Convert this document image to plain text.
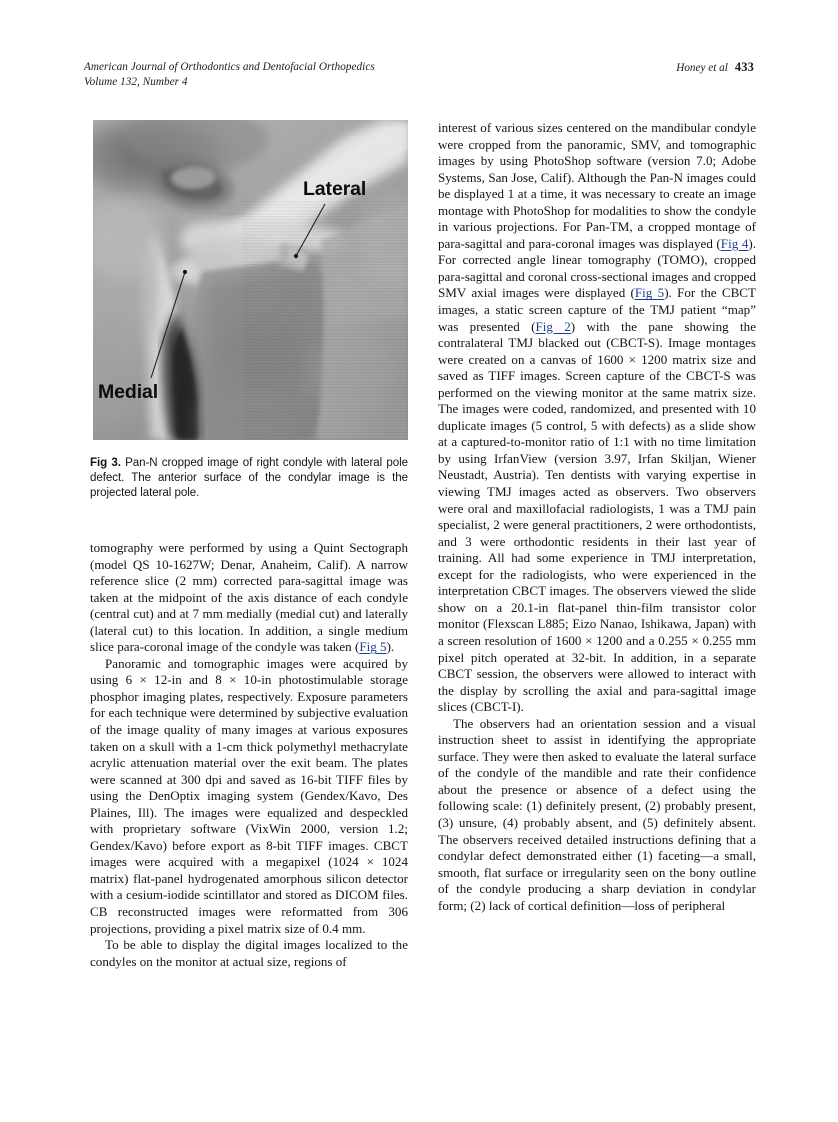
American Journal of Orthodontics and Dentofacial Orthopedics
Volume 132, Number 4
Honey et al 433
Lateral
Medial
Fig 3. Pan-N cropped image of right condyle with lateral pole defect. The anterior surface of the condylar image is the projected lateral pole.

tomography were performed by using a Quint Sectograph (model QS 10-1627W; Denar, Anaheim, Calif). A narrow reference slice (2 mm) corrected para-sagittal image was taken at the midpoint of the axis distance of each condyle (central cut) and at 7 mm medially (medial cut) and laterally (lateral cut) to this location. In addition, a single medium slice para-coronal image of the condyle was taken (Fig 5).

Panoramic and tomographic images were acquired by using 6 × 12-in and 8 × 10-in photostimulable storage phosphor imaging plates, respectively. Exposure parameters for each technique were determined by subjective evaluation of the image quality of many images at various exposures taken on a skull with a 1-cm thick polymethyl methacrylate acrylic attenuation material over the exit beam. The plates were scanned at 300 dpi and saved as 16-bit TIFF files by using the DenOptix imaging system (Gendex/Kavo, Des Plaines, Ill). The images were equalized and despeckled with proprietary software (VixWin 2000, version 1.2; Gendex/Kavo) before export as 8-bit TIFF images. CBCT images were acquired with a megapixel (1024 × 1024 matrix) flat-panel hydrogenated amorphous silicon detector with a cesium-iodide scintillator and stored as DICOM files. CB reconstructed images were reformatted from 306 projections, providing a pixel matrix size of 0.4 mm.

To be able to display the digital images localized to the condyles on the monitor at actual size, regions of

interest of various sizes centered on the mandibular condyle were cropped from the panoramic, SMV, and tomographic images by using PhotoShop software (version 7.0; Adobe Systems, San Jose, Calif). Although the Pan-N images could be displayed 1 at a time, it was necessary to create an image montage with PhotoShop for modalities to show the condyle in various projections. For Pan-TM, a cropped montage of para-sagittal and para-coronal images was displayed (Fig 4). For corrected angle linear tomography (TOMO), cropped para-sagittal and coronal cross-sectional images and cropped SMV axial images were displayed (Fig 5). For the CBCT images, a static screen capture of the TMJ patient “map” was presented (Fig 2) with the pane showing the contralateral TMJ blacked out (CBCT-S). Image montages were created on a canvas of 1600 × 1200 matrix size and saved as TIFF images. Screen capture of the CBCT-S was performed on the viewing monitor at the same matrix size. The images were coded, randomized, and presented with 10 duplicate images (5 control, 5 with defects) as a slide show at a captured-to-monitor ratio of 1:1 with no time limitation by using IrfanView (version 3.97, Irfan Skiljan, Wiener Neustadt, Austria). Ten dentists with varying expertise in viewing TMJ images acted as observers. Two observers were oral and maxillofacial radiologists, 1 was a TMJ pain specialist, 2 were general practitioners, 2 were orthodontists, and 3 were orthodontic residents in their last year of training. All had some experience in TMJ interpretation, except for the radiologists, who were experienced in the interpretation CBCT images. The observers viewed the slide show on a 20.1-in flat-panel thin-film transistor color monitor (Flexscan L885; Eizo Nanao, Ishikawa, Japan) with a screen resolution of 1600 × 1200 and a 0.255 × 0.255 mm pixel pitch operated at 32-bit. In addition, in a separate CBCT session, the observers were allowed to interact with the display by scrolling the axial and para-sagittal image slices (CBCT-I).

The observers had an orientation session and a visual instruction sheet to assist in identifying the appropriate surface. They were then asked to evaluate the lateral surface of the condyle of the mandible and rate their confidence about the presence or absence of a defect using the following scale: (1) definitely present, (2) probably present, (3) unsure, (4) probably absent, and (5) definitely absent. The observers received detailed instructions defining that a condylar defect demonstrated either (1) faceting—a small, smooth, flat surface or irregularity seen on the bony outline of the condyle producing a sharp deviation in condylar form; (2) lack of cortical definition—loss of peripheral
